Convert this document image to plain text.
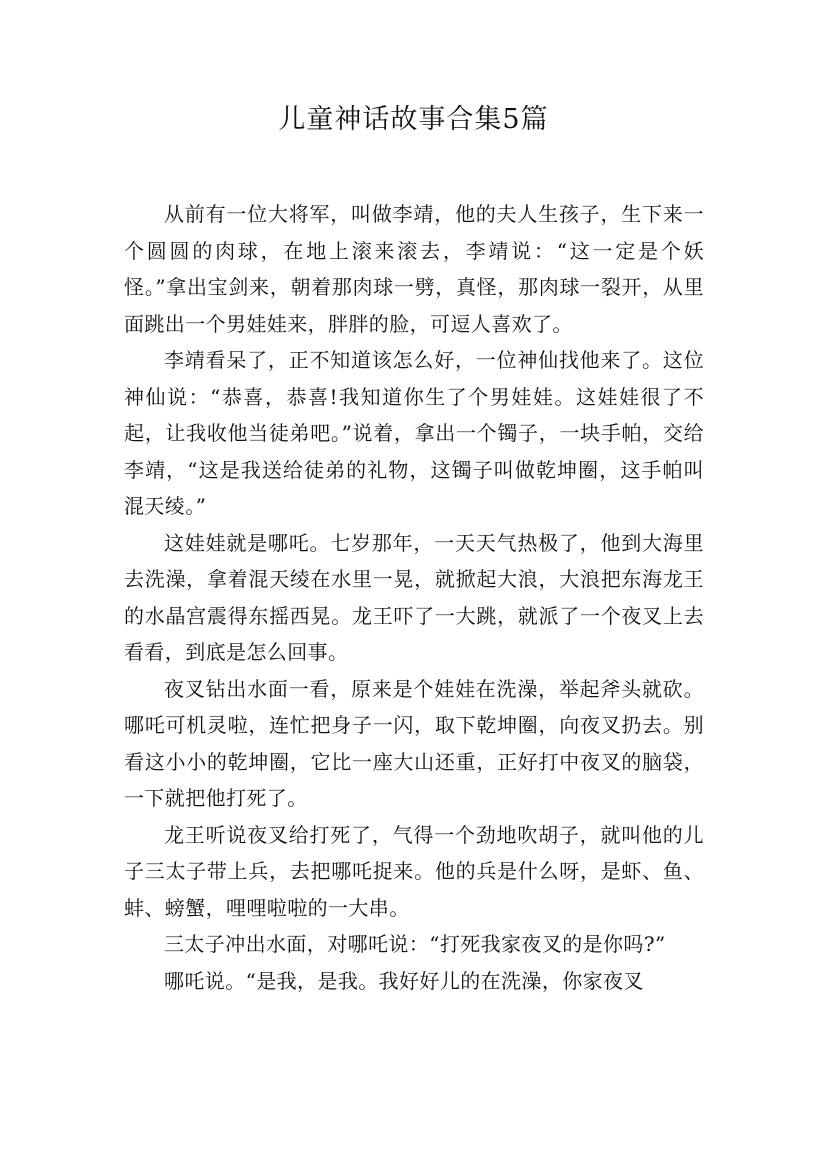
儿童神话故事合集5篇

从前有一位大将军，叫做李靖，他的夫人生孩子，生下来一个圆圆的肉球，在地上滚来滚去，李靖说：“这一定是个妖怪。”拿出宝剑来，朝着那肉球一劈，真怪，那肉球一裂开，从里面跳出一个男娃娃来，胖胖的脸，可逗人喜欢了。

李靖看呆了，正不知道该怎么好，一位神仙找他来了。这位神仙说：“恭喜，恭喜!我知道你生了个男娃娃。这娃娃很了不起，让我收他当徒弟吧。”说着，拿出一个镯子，一块手帕，交给李靖，“这是我送给徒弟的礼物，这镯子叫做乾坤圈，这手帕叫混天绫。”

这娃娃就是哪吒。七岁那年，一天天气热极了，他到大海里去洗澡，拿着混天绫在水里一晃，就掀起大浪，大浪把东海龙王的水晶宫震得东摇西晃。龙王吓了一大跳，就派了一个夜叉上去看看，到底是怎么回事。

夜叉钻出水面一看，原来是个娃娃在洗澡，举起斧头就砍。哪吒可机灵啦，连忙把身子一闪，取下乾坤圈，向夜叉扔去。别看这小小的乾坤圈，它比一座大山还重，正好打中夜叉的脑袋，一下就把他打死了。

龙王听说夜叉给打死了，气得一个劲地吹胡子，就叫他的儿子三太子带上兵，去把哪吒捉来。他的兵是什么呀，是虾、鱼、蚌、螃蟹，哩哩啦啦的一大串。

三太子冲出水面，对哪吒说：“打死我家夜叉的是你吗?”

哪吒说。“是我，是我。我好好儿的在洗澡，你家夜叉
